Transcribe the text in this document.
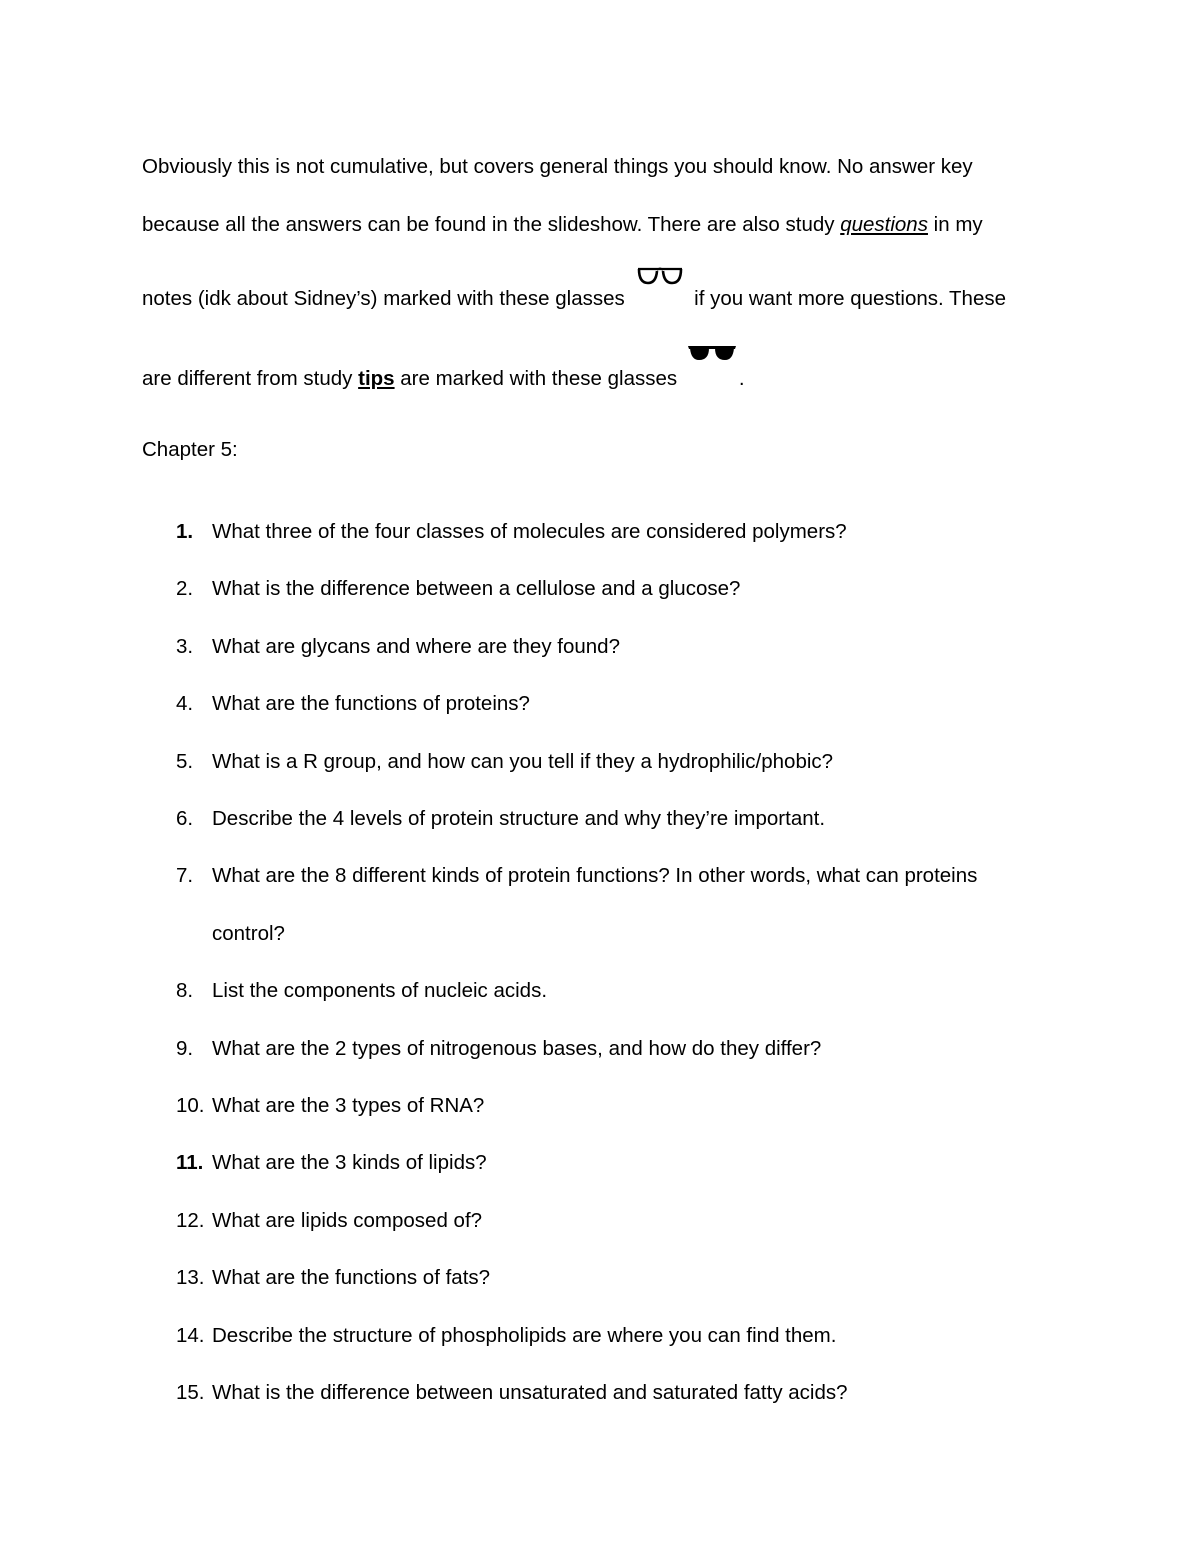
Obviously this is not cumulative, but covers general things you should know. No answer key
because all the answers can be found in the slideshow. There are also study questions in my
notes (idk about Sidney’s) marked with these glasses	if you want more questions. These
are different from study tips are marked with these glasses	.
Chapter 5:
1. What three of the four classes of molecules are considered polymers?
2. What is the difference between a cellulose and a glucose?
3. What are glycans and where are they found?
4. What are the functions of proteins?
5. What is a R group, and how can you tell if they a hydrophilic/phobic?
6. Describe the 4 levels of protein structure and why they’re important.
7. What are the 8 different kinds of protein functions? In other words, what can proteins
control?
8. List the components of nucleic acids.
9. What are the 2 types of nitrogenous bases, and how do they differ?
10. What are the 3 types of RNA?
11. What are the 3 kinds of lipids?
12. What are lipids composed of?
13. What are the functions of fats?
14. Describe the structure of phospholipids are where you can find them.
15. What is the difference between unsaturated and saturated fatty acids?
